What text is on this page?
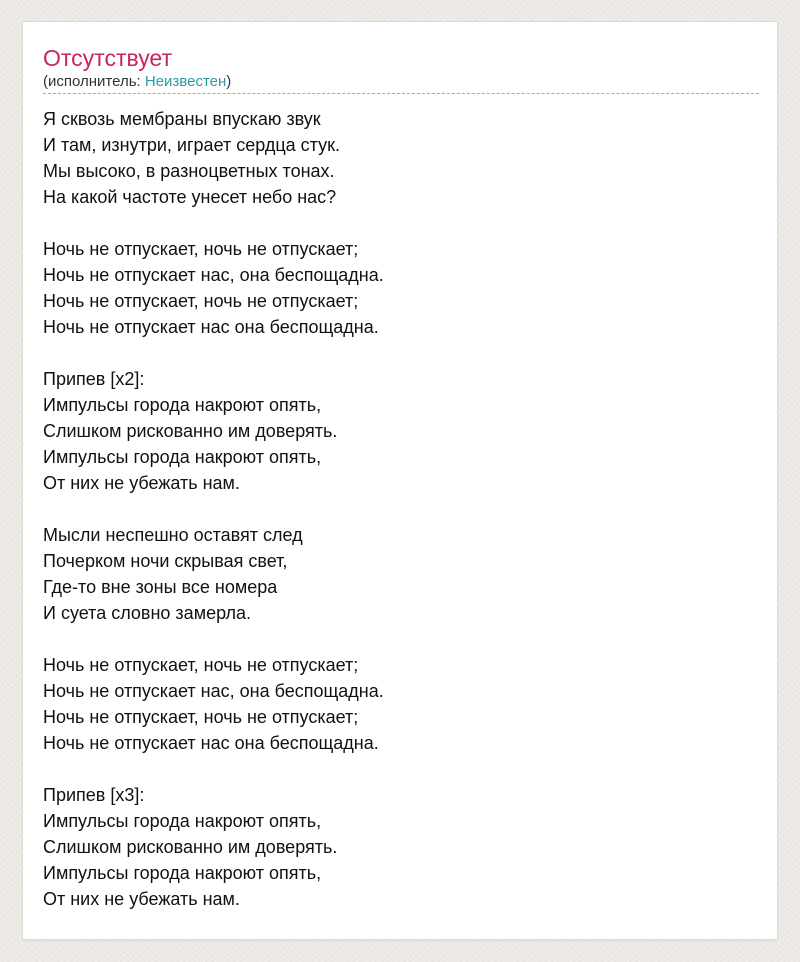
Отсутствует
(исполнитель: Неизвестен)
Я сквозь мембраны впускаю звук
И там, изнутри, играет сердца стук.
Мы высоко, в разноцветных тонах.
На какой частоте унесет небо нас?
Ночь не отпускает, ночь не отпускает;
Ночь не отпускает нас, она беспощадна.
Ночь не отпускает, ночь не отпускает;
Ночь не отпускает нас она беспощадна.
Припев [x2]:
Импульсы города накроют опять,
Слишком рискованно им доверять.
Импульсы города накроют опять,
От них не убежать нам.
Мысли неспешно оставят след
Почерком ночи скрывая свет,
Где-то вне зоны все номера
И суета словно замерла.
Ночь не отпускает, ночь не отпускает;
Ночь не отпускает нас, она беспощадна.
Ночь не отпускает, ночь не отпускает;
Ночь не отпускает нас она беспощадна.
Припев [x3]:
Импульсы города накроют опять,
Слишком рискованно им доверять.
Импульсы города накроют опять,
От них не убежать нам.
